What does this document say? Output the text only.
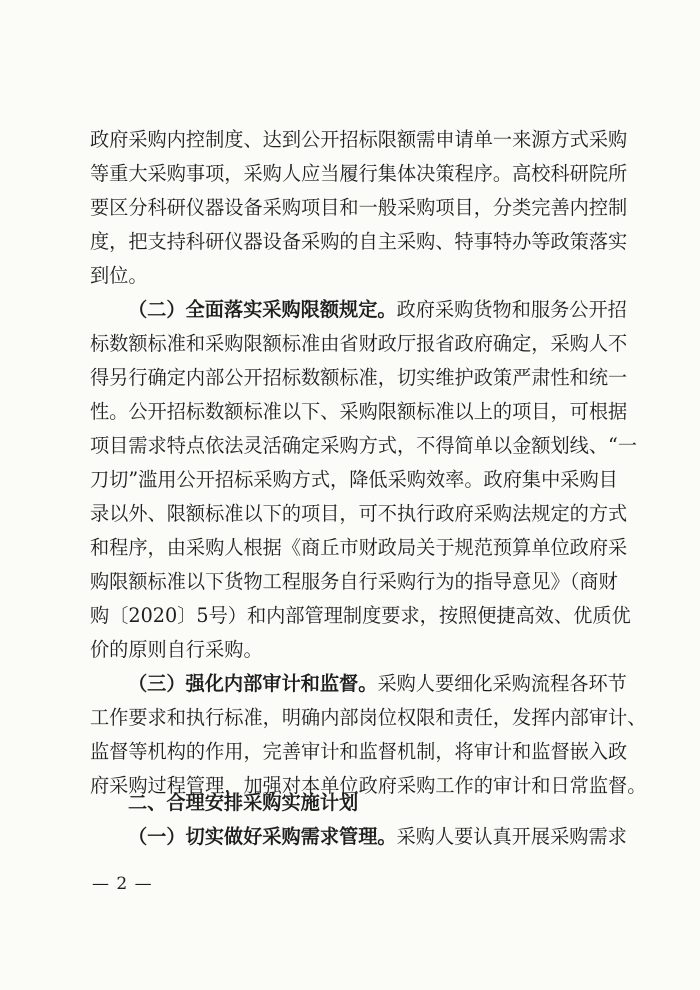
政府采购内控制度、达到公开招标限额需申请单一来源方式采购
等重大采购事项，采购人应当履行集体决策程序。高校科研院所
要区分科研仪器设备采购项目和一般采购项目，分类完善内控制
度，把支持科研仪器设备采购的自主采购、特事特办等政策落实
到位。
（二）全面落实采购限额规定。政府采购货物和服务公开招
标数额标准和采购限额标准由省财政厅报省政府确定，采购人不
得另行确定内部公开招标数额标准，切实维护政策严肃性和统一
性。公开招标数额标准以下、采购限额标准以上的项目，可根据
项目需求特点依法灵活确定采购方式，不得简单以金额划线、“一
刀切”滥用公开招标采购方式，降低采购效率。政府集中采购目
录以外、限额标准以下的项目，可不执行政府采购法规定的方式
和程序，由采购人根据《商丘市财政局关于规范预算单位政府采
购限额标准以下货物工程服务自行采购行为的指导意见》（商财
购〔2020〕5号）和内部管理制度要求，按照便捷高效、优质优
价的原则自行采购。
（三）强化内部审计和监督。采购人要细化采购流程各环节
工作要求和执行标准，明确内部岗位权限和责任，发挥内部审计、
监督等机构的作用，完善审计和监督机制，将审计和监督嵌入政
府采购过程管理，加强对本单位政府采购工作的审计和日常监督。
二、合理安排采购实施计划
（一）切实做好采购需求管理。采购人要认真开展采购需求
— 2 —
